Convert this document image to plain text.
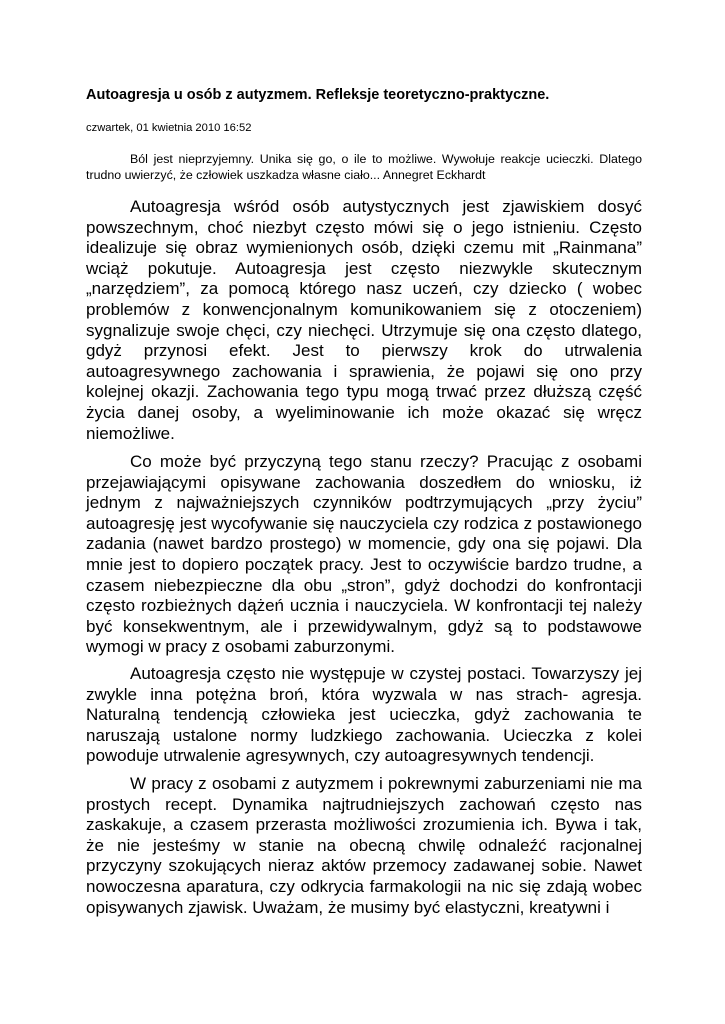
Autoagresja u osób z autyzmem. Refleksje teoretyczno-praktyczne.

czwartek, 01 kwietnia 2010 16:52

Ból jest nieprzyjemny. Unika się go, o ile to możliwe. Wywołuje reakcje ucieczki. Dlatego trudno uwierzyć, że człowiek uszkadza własne ciało... Annegret Eckhardt

Autoagresja wśród osób autystycznych jest zjawiskiem dosyć powszechnym, choć niezbyt często mówi się o jego istnieniu. Często idealizuje się obraz wymienionych osób, dzięki czemu mit „Rainmana” wciąż pokutuje. Autoagresja jest często niezwykle skutecznym „narzędziem”, za pomocą którego nasz uczeń, czy dziecko ( wobec problemów z konwencjonalnym komunikowaniem się z otoczeniem) sygnalizuje swoje chęci, czy niechęci. Utrzymuje się ona często dlatego, gdyż przynosi efekt. Jest to pierwszy krok do utrwalenia autoagresywnego zachowania i sprawienia, że pojawi się ono przy kolejnej okazji. Zachowania tego typu mogą trwać przez dłuższą część życia danej osoby, a wyeliminowanie ich może okazać się wręcz niemożliwe.

Co może być przyczyną tego stanu rzeczy? Pracując z osobami przejawiającymi opisywane zachowania doszedłem do wniosku, iż jednym z najważniejszych czynników podtrzymujących „przy życiu” autoagresję jest wycofywanie się nauczyciela czy rodzica z postawionego zadania (nawet bardzo prostego) w momencie, gdy ona się pojawi. Dla mnie jest to dopiero początek pracy. Jest to oczywiście bardzo trudne, a czasem niebezpieczne dla obu „stron”, gdyż dochodzi do konfrontacji często rozbieżnych dążeń ucznia i nauczyciela. W konfrontacji tej należy być konsekwentnym, ale i przewidywalnym, gdyż są to podstawowe wymogi w pracy z osobami zaburzonymi.

Autoagresja często nie występuje w czystej postaci. Towarzyszy jej zwykle inna potężna broń, która wyzwala w nas strach- agresja. Naturalną tendencją człowieka jest ucieczka, gdyż zachowania te naruszają ustalone normy ludzkiego zachowania. Ucieczka z kolei powoduje utrwalenie agresywnych, czy autoagresywnych tendencji.

W pracy z osobami z autyzmem i pokrewnymi zaburzeniami nie ma prostych recept. Dynamika najtrudniejszych zachowań często nas zaskakuje, a czasem przerasta możliwości zrozumienia ich. Bywa i tak, że nie jesteśmy w stanie na obecną chwilę odnaleźć racjonalnej przyczyny szokujących nieraz aktów przemocy zadawanej sobie. Nawet nowoczesna aparatura, czy odkrycia farmakologii na nic się zdają wobec opisywanych zjawisk. Uważam, że musimy być elastyczni, kreatywni i
